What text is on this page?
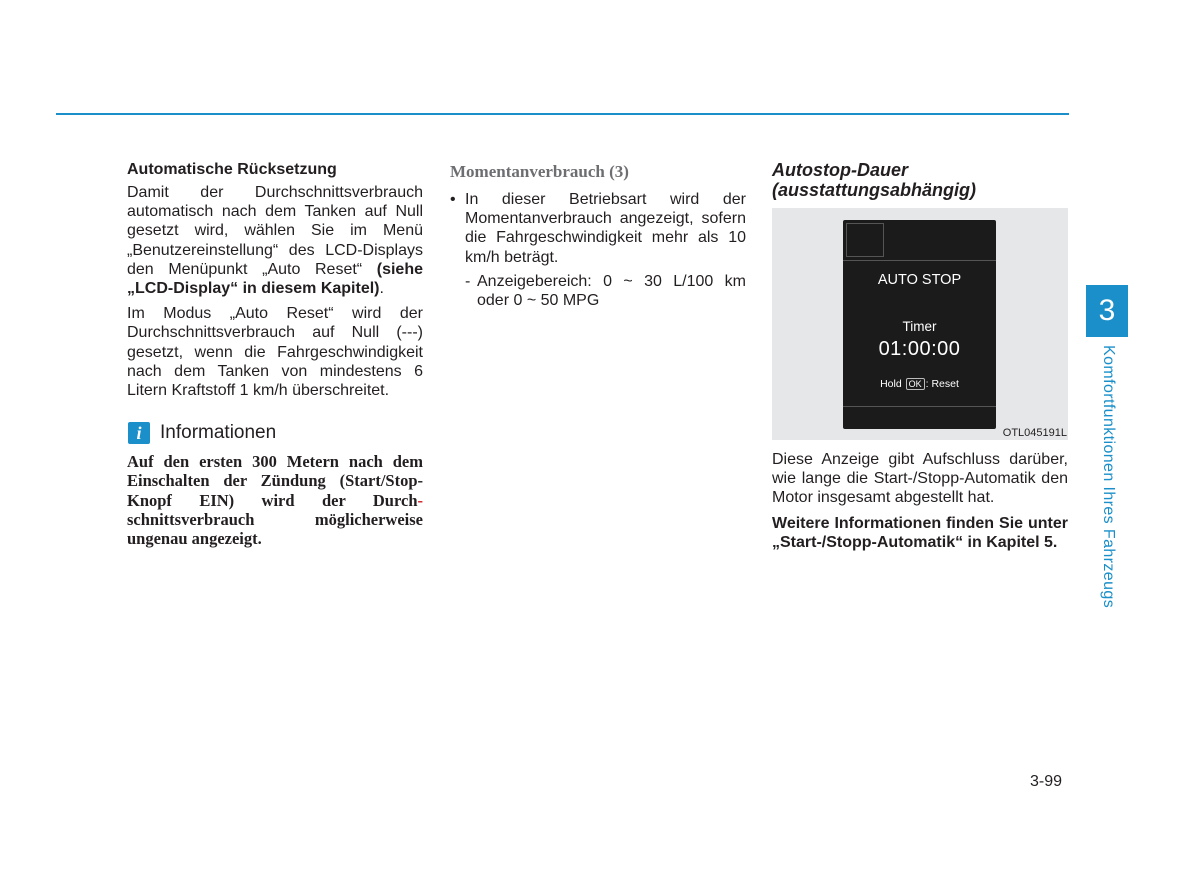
Automatische Rücksetzung

Damit der Durchschnittsverbrauch automatisch nach dem Tanken auf Null gesetzt wird, wählen Sie im Menü „Benutzereinstellung“ des LCD-Displays den Menüpunkt „Auto Reset“ (siehe „LCD-Display“ in diesem Kapitel).

Im Modus „Auto Reset“ wird der Durchschnittsverbrauch auf Null (---) gesetzt, wenn die Fahrgeschwindigkeit nach dem Tanken von mindestens 6 Litern Kraftstoff 1 km/h überschreitet.

i Informationen

Auf den ersten 300 Metern nach dem Einschalten der Zündung (Start/Stop-Knopf EIN) wird der Durch- schnittsverbrauch möglicherweise ungenau angezeigt.

Momentanverbrauch (3)
• In dieser Betriebsart wird der Momentanverbrauch angezeigt, sofern die Fahrgeschwindigkeit mehr als 10 km/h beträgt.
- Anzeigebereich: 0 ~ 30 L/100 km oder 0 ~ 50 MPG
Autostop-Dauer
(ausstattungsabhängig)
AUTO STOP
Timer
01:00:00
Hold OK : Reset
OTL045191L

Diese Anzeige gibt Aufschluss darüber, wie lange die Start-/Stopp-Automatik den Motor insgesamt abgestellt hat.

Weitere Informationen finden Sie unter „Start-/Stopp-Automatik“ in Kapitel 5.

3
Komfortfunktionen Ihres Fahrzeugs
3-99
